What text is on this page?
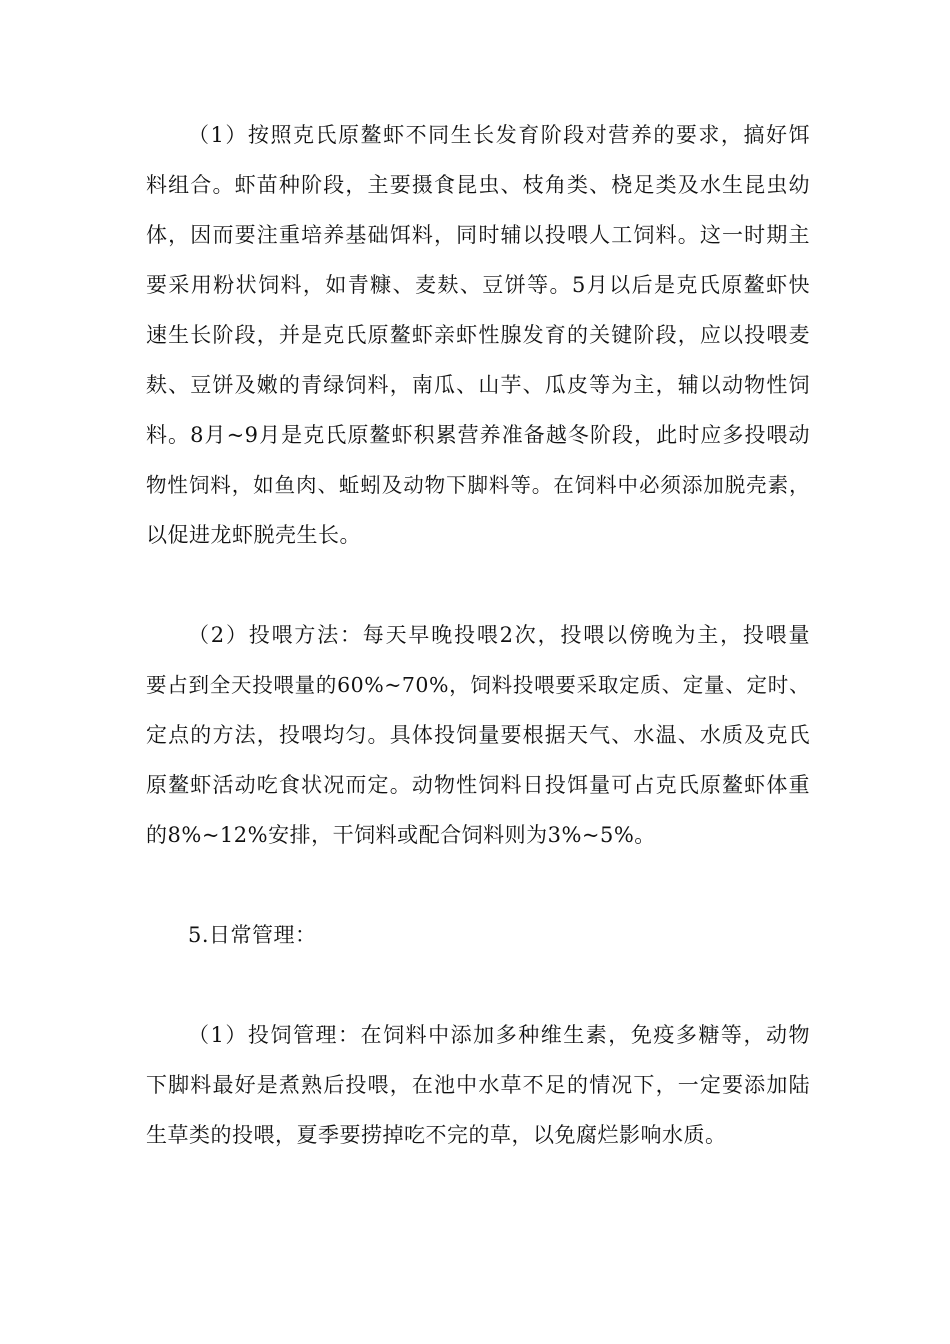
（1）按照克氏原鳌虾不同生长发育阶段对营养的要求，搞好饵
料组合。虾苗种阶段，主要摄食昆虫、枝角类、桡足类及水生昆虫幼
体，因而要注重培养基础饵料，同时辅以投喂人工饲料。这一时期主
要采用粉状饲料，如青糠、麦麸、豆饼等。5月以后是克氏原鳌虾快
速生长阶段，并是克氏原鳌虾亲虾性腺发育的关键阶段，应以投喂麦
麸、豆饼及嫩的青绿饲料，南瓜、山芋、瓜皮等为主，辅以动物性饲
料。8月~9月是克氏原鳌虾积累营养准备越冬阶段，此时应多投喂动
物性饲料，如鱼肉、蚯蚓及动物下脚料等。在饲料中必须添加脱壳素，
以促进龙虾脱壳生长。
（2）投喂方法：每天早晚投喂2次，投喂以傍晚为主，投喂量
要占到全天投喂量的60%~70%，饲料投喂要采取定质、定量、定时、
定点的方法，投喂均匀。具体投饲量要根据天气、水温、水质及克氏
原鳌虾活动吃食状况而定。动物性饲料日投饵量可占克氏原鳌虾体重
的8%~12%安排，干饲料或配合饲料则为3%~5%。
5.日常管理：
（1）投饲管理：在饲料中添加多种维生素，免疫多糖等，动物
下脚料最好是煮熟后投喂，在池中水草不足的情况下，一定要添加陆
生草类的投喂，夏季要捞掉吃不完的草，以免腐烂影响水质。
